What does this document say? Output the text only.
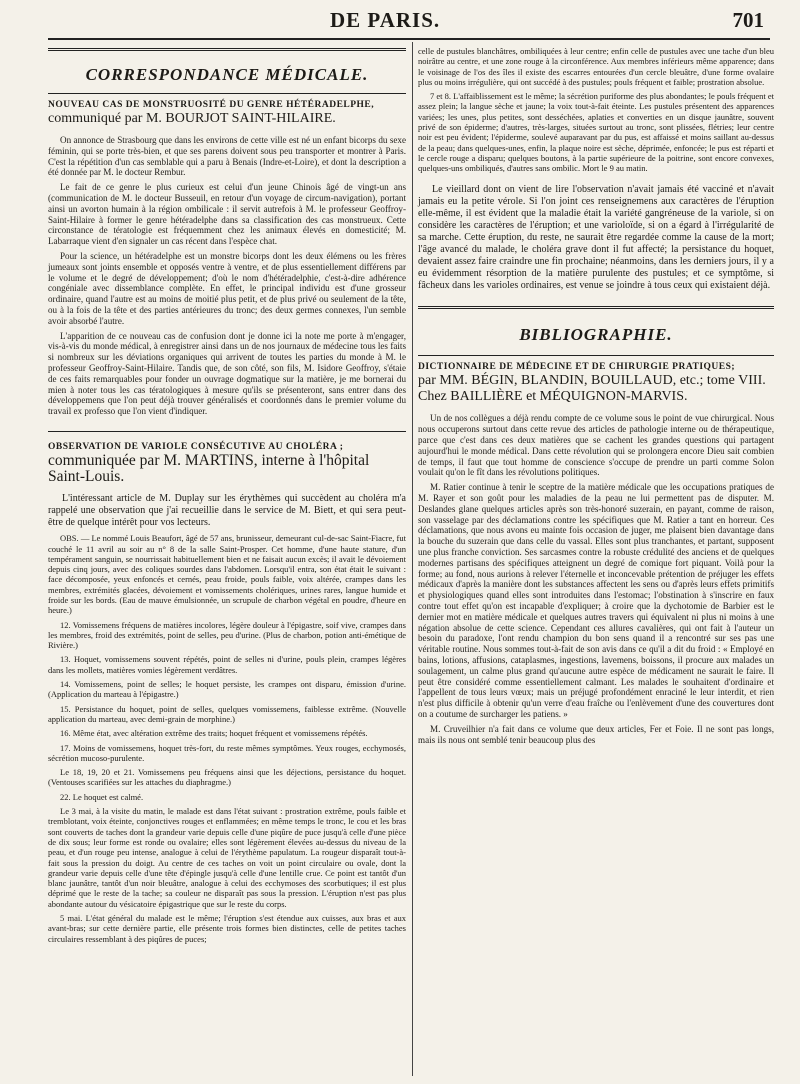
DE PARIS.	701
CORRESPONDANCE MÉDICALE.
NOUVEAU CAS DE MONSTRUOSITÉ DU GENRE HÉTÉRADELPHE,
communiqué par M. BOURJOT SAINT-HILAIRE.

On annonce de Strasbourg que dans les environs de cette ville est né un enfant bicorps du sexe féminin, qui se porte très-bien, et que ses parens doivent sous peu transporter et montrer à Paris. C'est la répétition d'un cas semblable qui a paru à Benais (Indre-et-Loire), et dont la description a été donnée par M. le docteur Rembur.

Le fait de ce genre le plus curieux est celui d'un jeune Chinois âgé de vingt-un ans (communication de M. le docteur Busseuil, en retour d'un voyage de circum-navigation), portant ainsi un avorton humain à la région ombilicale : il servit autrefois à M. le professeur Geoffroy-Saint-Hilaire à former le genre hétéradelphe dans sa classification des cas monstrueux. Cette circonstance de tératologie est fréquemment chez les animaux élevés en domesticité; M. Labarraque vient d'en signaler un cas récent dans l'espèce chat.

Pour la science, un hétéradelphe est un monstre bicorps dont les deux élémens ou les frères jumeaux sont joints ensemble et opposés ventre à ventre, et de plus essentiellement différens par le volume et le degré de développement; d'où le nom d'hétéradelphie, c'est-à-dire adhérence congéniale avec dissemblance complète. En effet, le principal individu est d'une grosseur ordinaire, quand l'autre est au moins de moitié plus petit, et de plus privé ou seulement de la tête, ou à la fois de la tête et des parties antérieures du tronc; des deux germes connexes, l'un semble avoir absorbé l'autre.

L'apparition de ce nouveau cas de confusion dont je donne ici la note me porte à m'engager, vis-à-vis du monde médical, à enregistrer ainsi dans un de nos journaux de médecine tous les faits si nombreux sur les déviations organiques qui arrivent de toutes les parties du monde à M. le professeur Geoffroy-Saint-Hilaire. Tandis que, de son côté, son fils, M. Isidore Geoffroy, s'étaie de ces faits remarquables pour fonder un ouvrage dogmatique sur la matière, je me bornerai du mien à noter tous les cas tératologiques à mesure qu'ils se présenteront, sans entrer dans des développemens que l'on peut déjà trouver généralisés et coordonnés dans le premier volume du travail ex professo que l'on vient d'indiquer.

OBSERVATION DE VARIOLE CONSÉCUTIVE AU CHOLÉRA ;
communiquée par M. MARTINS, interne à l'hôpital Saint-Louis.

L'intéressant article de M. Duplay sur les érythèmes qui succèdent au choléra m'a rappelé une observation que j'ai recueillie dans le service de M. Biett, et qui sera peut-être de quelque intérêt pour vos lecteurs.

OBS. — Le nommé Louis Beaufort, âgé de 57 ans, brunisseur, demeurant cul-de-sac Saint-Fiacre, fut couché le 11 avril au soir au n° 8 de la salle Saint-Prosper. Cet homme, d'une haute stature, d'un tempérament sanguin, se nourrissait habituellement bien et ne faisait aucun excès; il avait le dévoiement depuis cinq jours, avec des coliques sourdes dans l'abdomen. Lorsqu'il entra, son état était le suivant : face décomposée, yeux enfoncés et cernés, peau froide, pouls faible, voix altérée, crampes dans les membres, extrémités glacées, dévoiement et vomissements cholériques, urines rares, langue humide et froide sur les bords. (Eau de mauve émulsionnée, un scrupule de charbon végétal en poudre, d'heure en heure.)

12. Vomissemens fréquens de matières incolores, légère douleur à l'épigastre, soif vive, crampes dans les membres, froid des extrémités, point de selles, peu d'urine. (Plus de charbon, potion anti-émétique de Rivière.)

13. Hoquet, vomissemens souvent répétés, point de selles ni d'urine, pouls plein, crampes légères dans les mollets, matières vomies légèrement verdâtres.

14. Vomissemens, point de selles; le hoquet persiste, les crampes ont disparu, émission d'urine. (Application du marteau à l'épigastre.)

15. Persistance du hoquet, point de selles, quelques vomissemens, faiblesse extrême. (Nouvelle application du marteau, avec demi-grain de morphine.)

16. Même état, avec altération extrême des traits; hoquet fréquent et vomissemens répétés.

17. Moins de vomissemens, hoquet très-fort, du reste mêmes symptômes. Yeux rouges, ecchymosés, sécrétion mucoso-purulente.

Le 18, 19, 20 et 21. Vomissemens peu fréquens ainsi que les déjections, persistance du hoquet. (Ventouses scarifiées sur les attaches du diaphragme.)

22. Le hoquet est calmé.

Le 3 mai, à la visite du matin, le malade est dans l'état suivant : prostration extrême, pouls faible et tremblotant, voix éteinte, conjonctives rouges et enflammées; en même temps le tronc, le cou et les bras sont couverts de taches dont la grandeur varie depuis celle d'une piqûre de puce jusqu'à celle d'une pièce de dix sous; leur forme est ronde ou ovalaire; elles sont légèrement élevées au-dessus du niveau de la peau, et d'un rouge peu intense, analogue à celui de l'érythème papulatum. La rougeur disparaît tout-à-fait sous la pression du doigt. Au centre de ces taches on voit un point circulaire ou ovale, dont la grandeur varie depuis celle d'une tête d'épingle jusqu'à celle d'une lentille crue. Ce point est tantôt d'un blanc jaunâtre, tantôt d'un noir bleuâtre, analogue à celui des ecchymoses des scorbutiques; il est plus déprimé que le reste de la tache; sa couleur ne disparaît pas sous la pression. L'éruption n'est pas plus abondante autour du vésicatoire épigastrique que sur le reste du corps.

5 mai. L'état général du malade est le même; l'éruption s'est étendue aux cuisses, aux bras et aux avant-bras; sur cette dernière partie, elle présente trois formes bien distinctes, celle de petites taches circulaires ressemblant à des piqûres de puces;

celle de pustules blanchâtres, ombiliquées à leur centre; enfin celle de pustules avec une tache d'un bleu noirâtre au centre, et une zone rouge à la circonférence. Aux membres inférieurs même apparence; dans le voisinage de l'os des îles il existe des escarres entourées d'un cercle bleuâtre, d'une forme ovalaire plus ou moins irrégulière, qui ont succédé à des pustules; pouls fréquent et faible; prostration absolue.

7 et 8. L'affaiblissement est le même; la sécrétion puriforme des plus abondantes; le pouls fréquent et assez plein; la langue sèche et jaune; la voix tout-à-fait éteinte. Les pustules présentent des apparences variées; les unes, plus petites, sont desséchées, aplaties et converties en un disque jaunâtre, souvent privé de son épiderme; d'autres, très-larges, situées surtout au tronc, sont plissées, flétries; leur centre noir est peu évident; l'épiderme, soulevé auparavant par du pus, est affaissé et moins saillant au-dessus de la peau; dans quelques-unes, enfin, la plaque noire est sèche, déprimée, enfoncée; le pus est réparti et le cercle rouge a disparu; quelques boutons, à la partie supérieure de la poitrine, sont encore convexes, quelques-uns ombiliqués, d'autres sans ombilic. Mort le 9 au matin.

Le vieillard dont on vient de lire l'observation n'avait jamais été vacciné et n'avait jamais eu la petite vérole. Si l'on joint ces renseignemens aux caractères de l'éruption elle-même, il est évident que la maladie était la variété gangréneuse de la variole, si on considère les caractères de l'éruption; et une varioloïde, si on a égard à l'irrégularité de sa marche. Cette éruption, du reste, ne saurait être regardée comme la cause de la mort; l'âge avancé du malade, le choléra grave dont il fut affecté; la persistance du hoquet, devaient assez faire craindre une fin prochaine; néanmoins, dans les derniers jours, il y a eu évidemment résorption de la matière purulente des pustules; et ce symptôme, si fâcheux dans les varioles ordinaires, est venue se joindre à tous ceux qui existaient déjà.

BIBLIOGRAPHIE.
DICTIONNAIRE DE MÉDECINE ET DE CHIRURGIE PRATIQUES;
par MM. BÉGIN, BLANDIN, BOUILLAUD, etc.; tome VIII. Chez BAILLIÈRE et MÉQUIGNON-MARVIS.

Un de nos collègues a déjà rendu compte de ce volume sous le point de vue chirurgical. Nous nous occuperons surtout dans cette revue des articles de pathologie interne ou de thérapeutique, parce que c'est dans ces deux matières que se cachent les grandes questions qui partagent aujourd'hui le monde médical. Dans cette révolution qui se prolongera encore Dieu sait combien de temps, il faut que tout homme de conscience s'occupe de prendre un parti comme Solon voulait qu'on le fît dans les révolutions politiques.

M. Ratier continue à tenir le sceptre de la matière médicale que les occupations pratiques de M. Rayer et son goût pour les maladies de la peau ne lui permettent pas de disputer. M. Deslandes glane quelques articles après son très-honoré suzerain, en payant, comme de raison, son vasselage par des déclamations contre les spécifiques que M. Ratier a tant en horreur. Ces déclamations, que nous avons eu mainte fois occasion de juger, me plaisent bien davantage dans la bouche du suzerain que dans celle du vassal. Elles sont plus tranchantes, et partant, supposent une plus franche conviction. Ses sarcasmes contre la robuste crédulité des anciens et de quelques modernes partisans des spécifiques atteignent un degré de comique fort piquant. Voilà pour la forme; au fond, nous aurions à relever l'éternelle et inconcevable prétention de préjuger les effets médicaux d'après la manière dont les substances affectent les sens ou d'après leurs effets primitifs et physiologiques quand elles sont introduites dans l'estomac; l'obstination à s'inscrire en faux contre tout effet qu'on est incapable d'expliquer; à croire que la dychotomie de Barbier est le dernier mot en matière médicale et quelques autres travers qui équivalent ni plus ni moins à une négation absolue de cette science. Cependant ces allures cavalières, qui ont fait à l'auteur un besoin du paradoxe, l'ont rendu champion du bon sens quand il a rencontré sur ses pas une véritable routine. Nous sommes tout-à-fait de son avis dans ce qu'il a dit du froid : « Employé en bains, lotions, affusions, cataplasmes, ingestions, lavemens, boissons, il procure aux malades un soulagement, un calme plus grand qu'aucune autre espèce de médicament ne saurait le faire. Il peut être considéré comme essentiellement calmant. Les malades le souhaitent d'ordinaire et l'appellent de tous leurs vœux; mais un préjugé profondément enraciné le leur interdit, et rien n'est plus difficile à obtenir qu'un verre d'eau fraîche ou l'enlèvement d'une des couvertures dont on a coutume de surcharger les patiens. »

M. Cruveilhier n'a fait dans ce volume que deux articles, Fer et Foie. Il ne sont pas longs, mais ils nous ont semblé tenir beaucoup plus des
